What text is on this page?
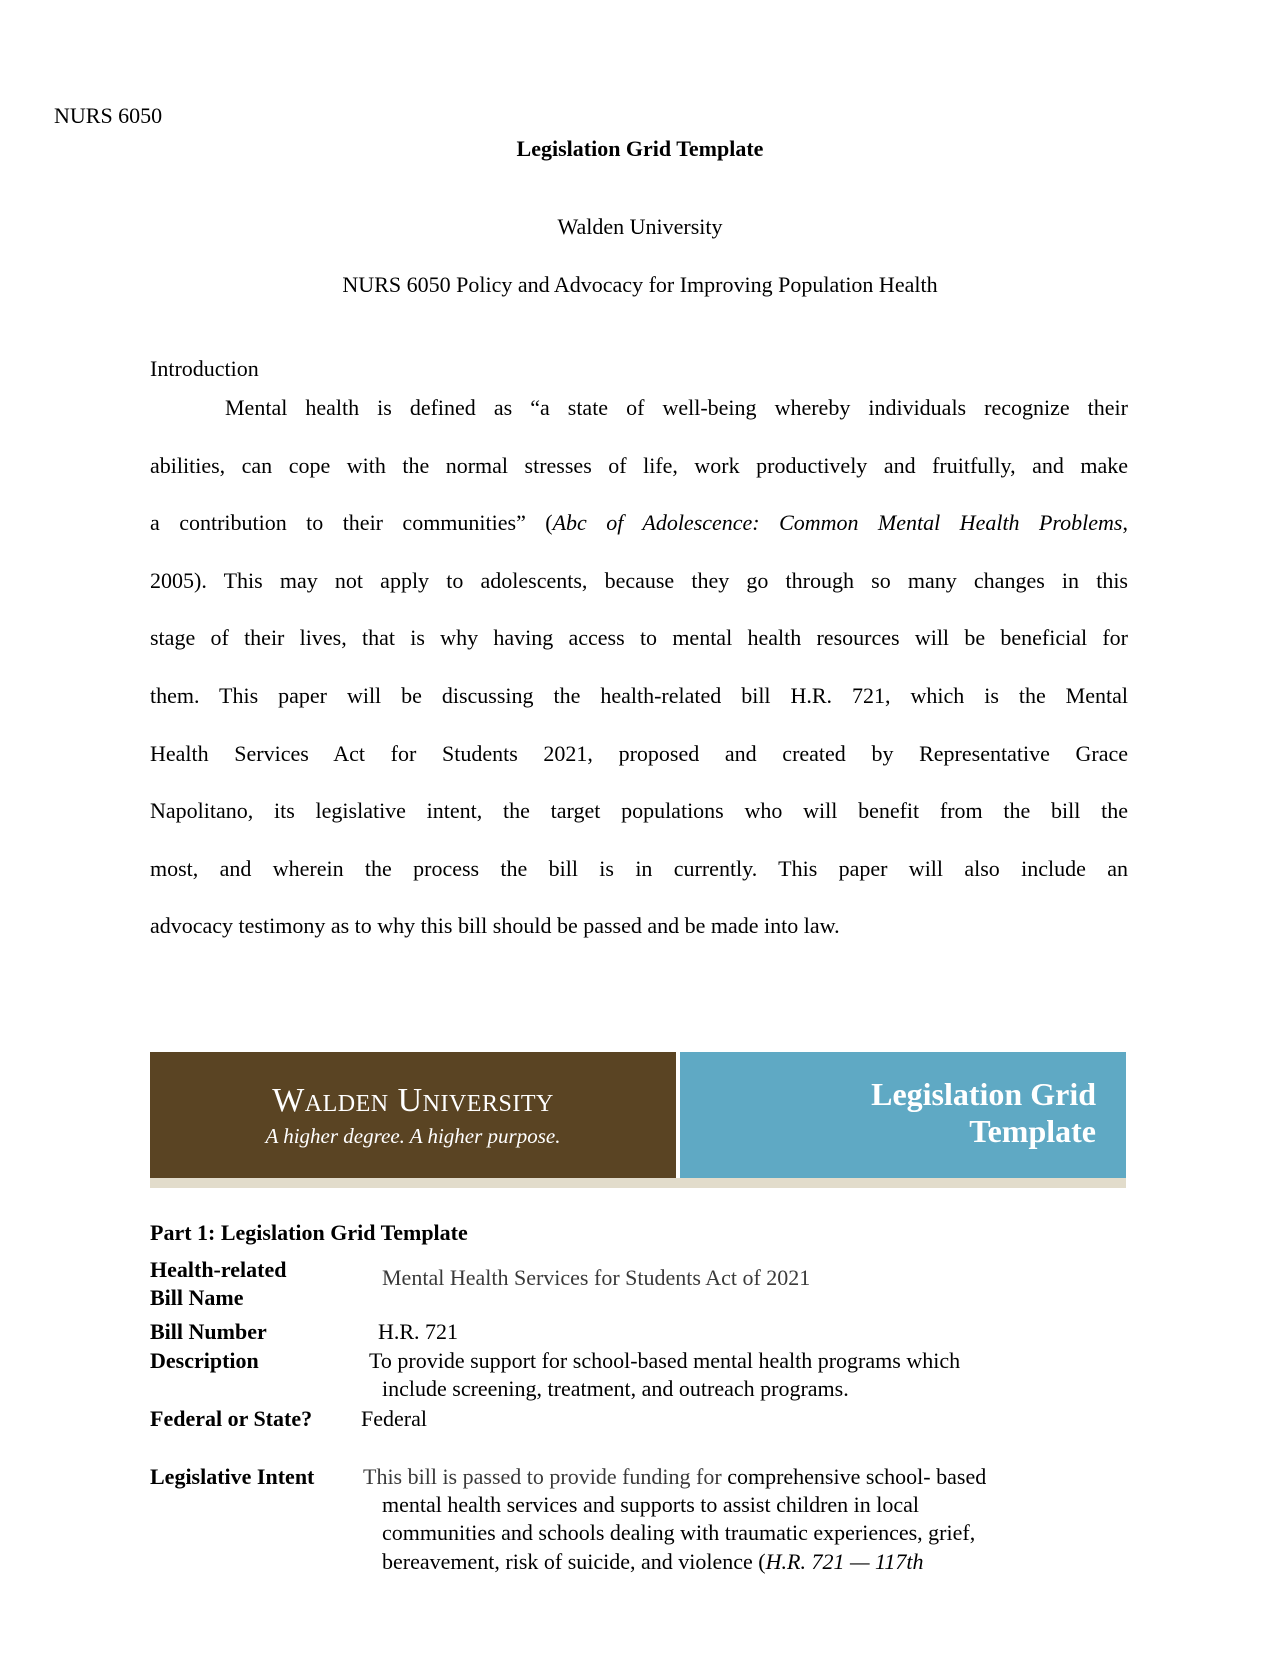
NURS 6050
Legislation Grid Template
Walden University
NURS 6050 Policy and Advocacy for Improving Population Health
Introduction
Mental health is defined as “a state of well-being whereby individuals recognize their
abilities, can cope with the normal stresses of life, work productively and fruitfully, and make
a contribution to their communities” (Abc of Adolescence: Common Mental Health Problems,
2005). This may not apply to adolescents, because they go through so many changes in this
stage of their lives, that is why having access to mental health resources will be beneficial for
them. This paper will be discussing the health-related bill H.R. 721, which is the Mental
Health Services Act for Students 2021, proposed and created by Representative Grace
Napolitano, its legislative intent, the target populations who will benefit from the bill the
most, and wherein the process the bill is in currently. This paper will also include an
advocacy testimony as to why this bill should be passed and be made into law.
Walden University
A higher degree. A higher purpose.
Legislation Grid
Template
Part 1: Legislation Grid Template
Health-related
Bill Name
Mental Health Services for Students Act of 2021
Bill Number	H.R. 721
Description	To provide support for school-based mental health programs which
include screening, treatment, and outreach programs.
Federal or State? Federal
Legislative Intent This bill is passed to provide funding for comprehensive school- based
mental health services and supports to assist children in local
communities and schools dealing with traumatic experiences, grief,
bereavement, risk of suicide, and violence (H.R. 721 — 117th
